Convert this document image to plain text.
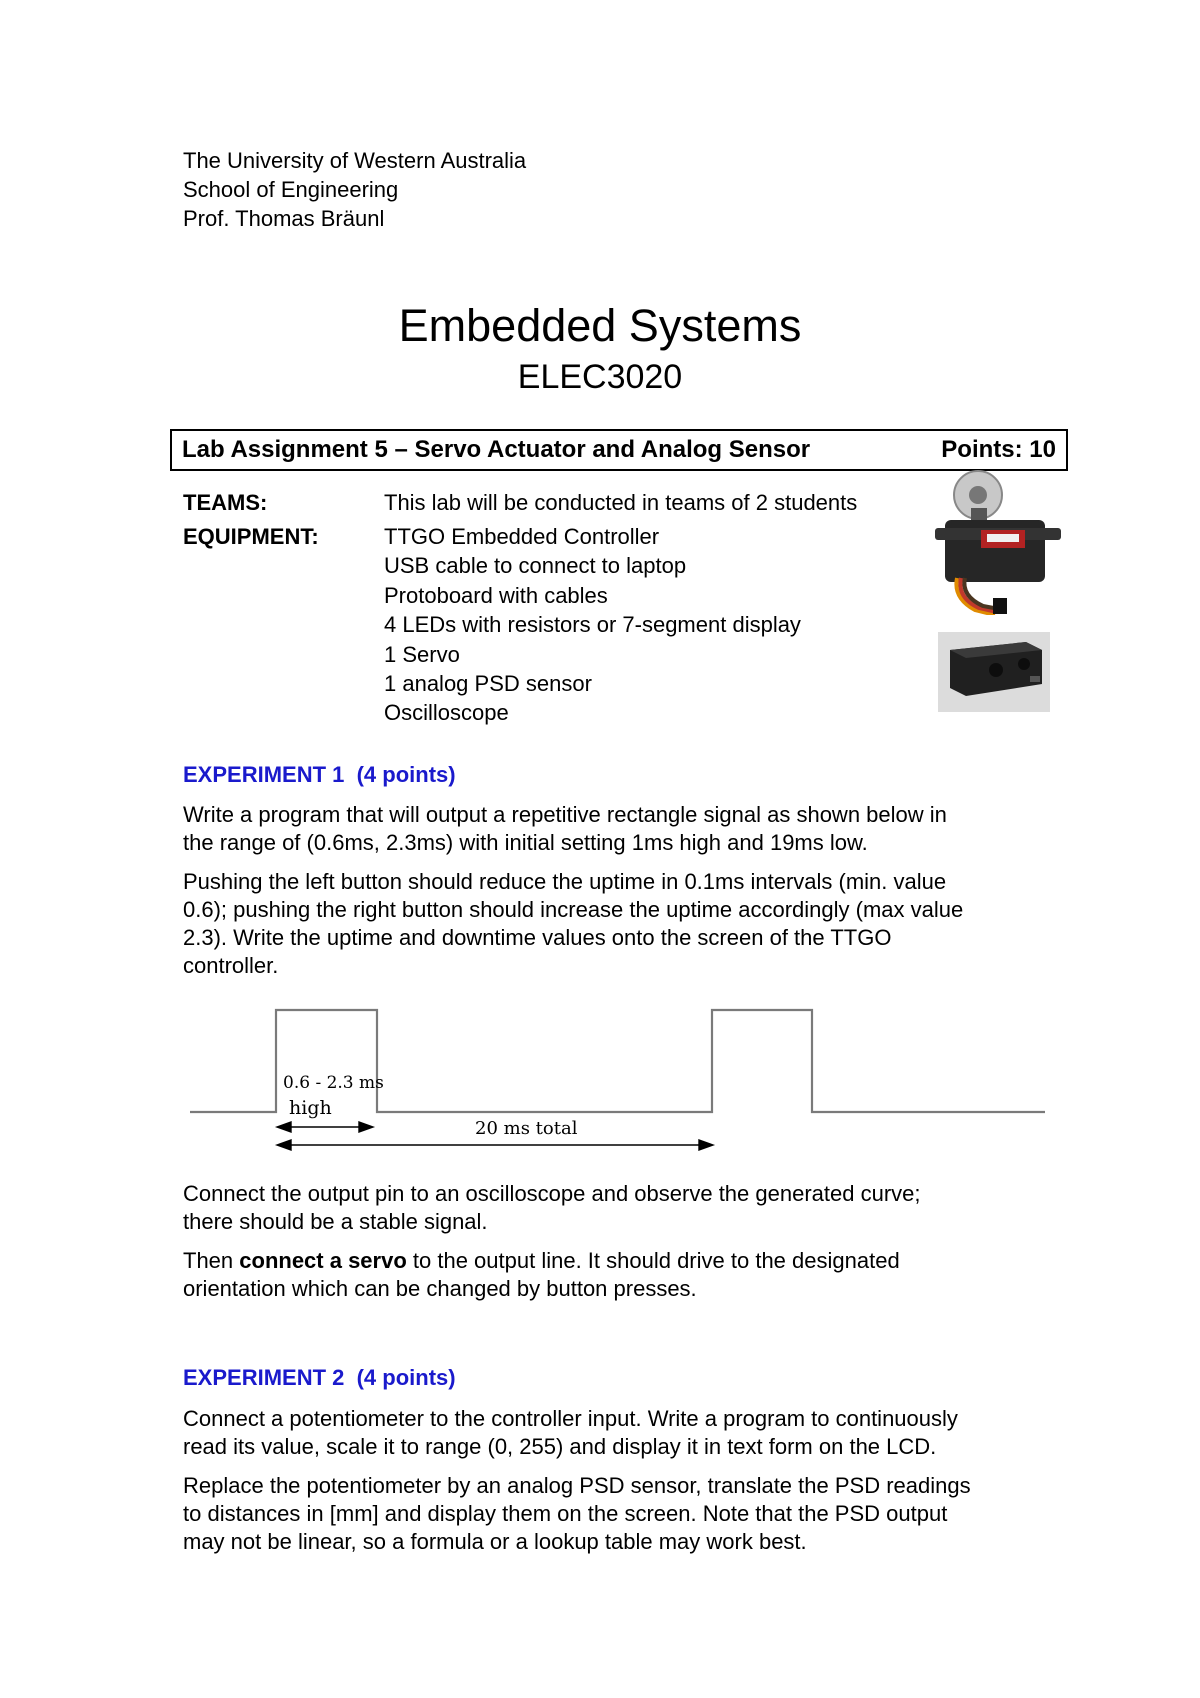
The University of Western Australia
School of Engineering
Prof. Thomas Bräunl
Embedded Systems
ELEC3020
Lab Assignment 5 – Servo Actuator and Analog Sensor	Points: 10
TEAMS:	This lab will be conducted in teams of 2 students
EQUIPMENT:	TTGO Embedded Controller
USB cable to connect to laptop
Protoboard with cables
4 LEDs with resistors or 7-segment display
1 Servo
1 analog PSD sensor
Oscilloscope
EXPERIMENT 1 (4 points)
Write a program that will output a repetitive rectangle signal as shown below in
the range of (0.6ms, 2.3ms) with initial setting 1ms high and 19ms low.
Pushing the left button should reduce the uptime in 0.1ms intervals (min. value
0.6); pushing the right button should increase the uptime accordingly (max value
2.3). Write the uptime and downtime values onto the screen of the TTGO
controller.
0.6 - 2.3 ms
high
20 ms total
Connect the output pin to an oscilloscope and observe the generated curve;
there should be a stable signal.
Then connect a servo to the output line. It should drive to the designated
orientation which can be changed by button presses.
EXPERIMENT 2 (4 points)
Connect a potentiometer to the controller input. Write a program to continuously
read its value, scale it to range (0, 255) and display it in text form on the LCD.
Replace the potentiometer by an analog PSD sensor, translate the PSD readings
to distances in [mm] and display them on the screen. Note that the PSD output
may not be linear, so a formula or a lookup table may work best.
